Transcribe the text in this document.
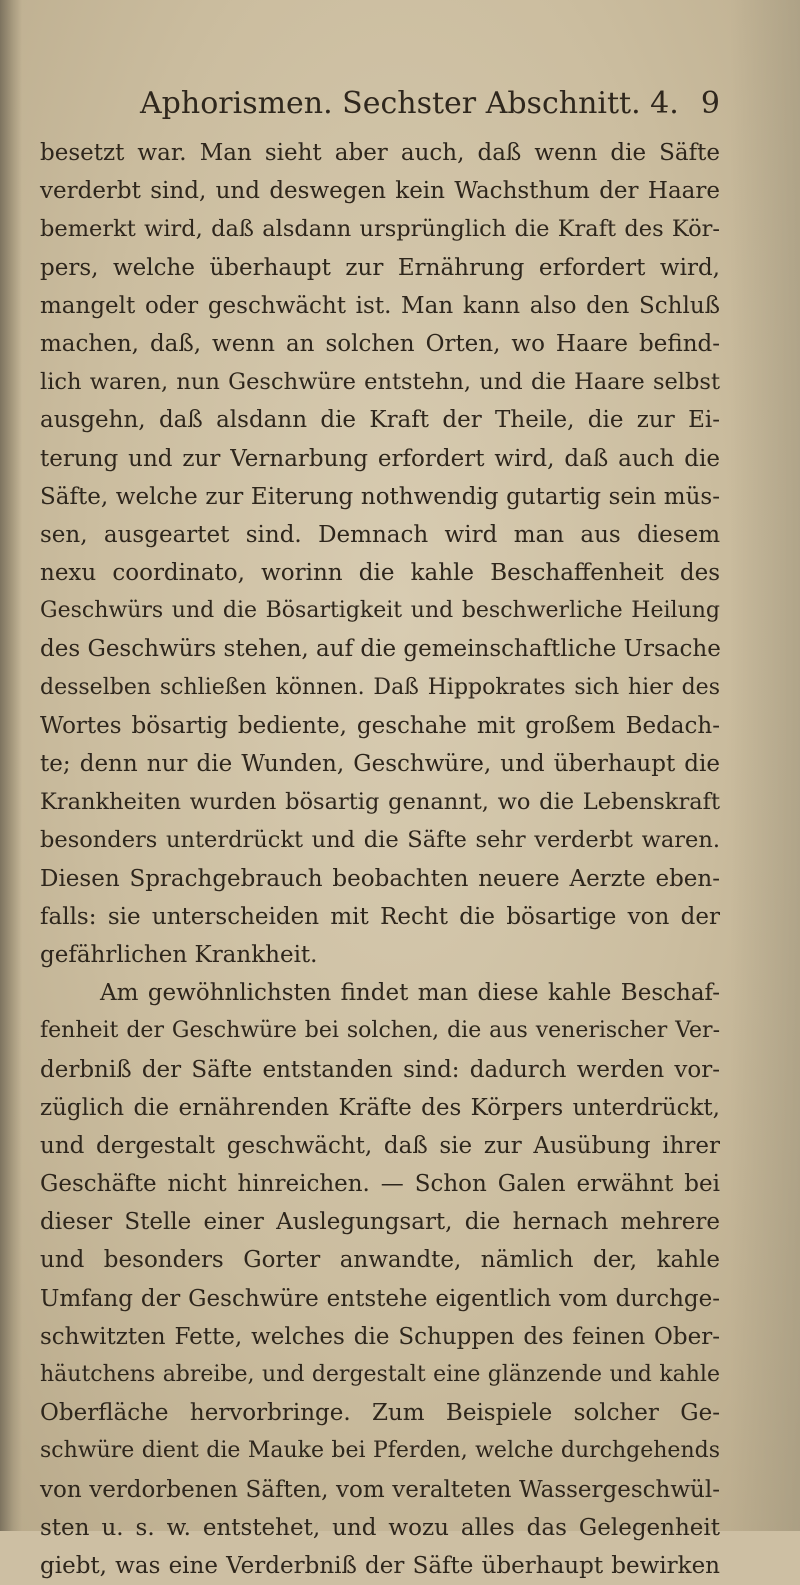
Aphorismen. Sechster Abschnitt. 4. 9
besetzt war. Man sieht aber auch, daß wenn die Säfte
verderbt sind, und deswegen kein Wachsthum der Haare
bemerkt wird, daß alsdann ursprünglich die Kraft des Kör-
pers, welche überhaupt zur Ernährung erfordert wird,
mangelt oder geschwächt ist. Man kann also den Schluß
machen, daß, wenn an solchen Orten, wo Haare befind-
lich waren, nun Geschwüre entstehn, und die Haare selbst
ausgehn, daß alsdann die Kraft der Theile, die zur Ei-
terung und zur Vernarbung erfordert wird, daß auch die
Säfte, welche zur Eiterung nothwendig gutartig sein müs-
sen, ausgeartet sind. Demnach wird man aus diesem
nexu coordinato, worinn die kahle Beschaffenheit des
Geschwürs und die Bösartigkeit und beschwerliche Heilung
des Geschwürs stehen, auf die gemeinschaftliche Ursache
desselben schließen können. Daß Hippokrates sich hier des
Wortes bösartig bediente, geschahe mit großem Bedach-
te; denn nur die Wunden, Geschwüre, und überhaupt die
Krankheiten wurden bösartig genannt, wo die Lebenskraft
besonders unterdrückt und die Säfte sehr verderbt waren.
Diesen Sprachgebrauch beobachten neuere Aerzte eben-
falls: sie unterscheiden mit Recht die bösartige von der
gefährlichen Krankheit.
Am gewöhnlichsten findet man diese kahle Beschaf-
fenheit der Geschwüre bei solchen, die aus venerischer Ver-
derbniß der Säfte entstanden sind: dadurch werden vor-
züglich die ernährenden Kräfte des Körpers unterdrückt,
und dergestalt geschwächt, daß sie zur Ausübung ihrer
Geschäfte nicht hinreichen. — Schon Galen erwähnt bei
dieser Stelle einer Auslegungsart, die hernach mehrere
und besonders Gorter anwandte, nämlich der, kahle
Umfang der Geschwüre entstehe eigentlich vom durchge-
schwitzten Fette, welches die Schuppen des feinen Ober-
häutchens abreibe, und dergestalt eine glänzende und kahle
Oberfläche hervorbringe. Zum Beispiele solcher Ge-
schwüre dient die Mauke bei Pferden, welche durchgehends
von verdorbenen Säften, vom veralteten Wassergeschwül-
sten u. s. w. entstehet, und wozu alles das Gelegenheit
giebt, was eine Verderbniß der Säfte überhaupt bewirken
